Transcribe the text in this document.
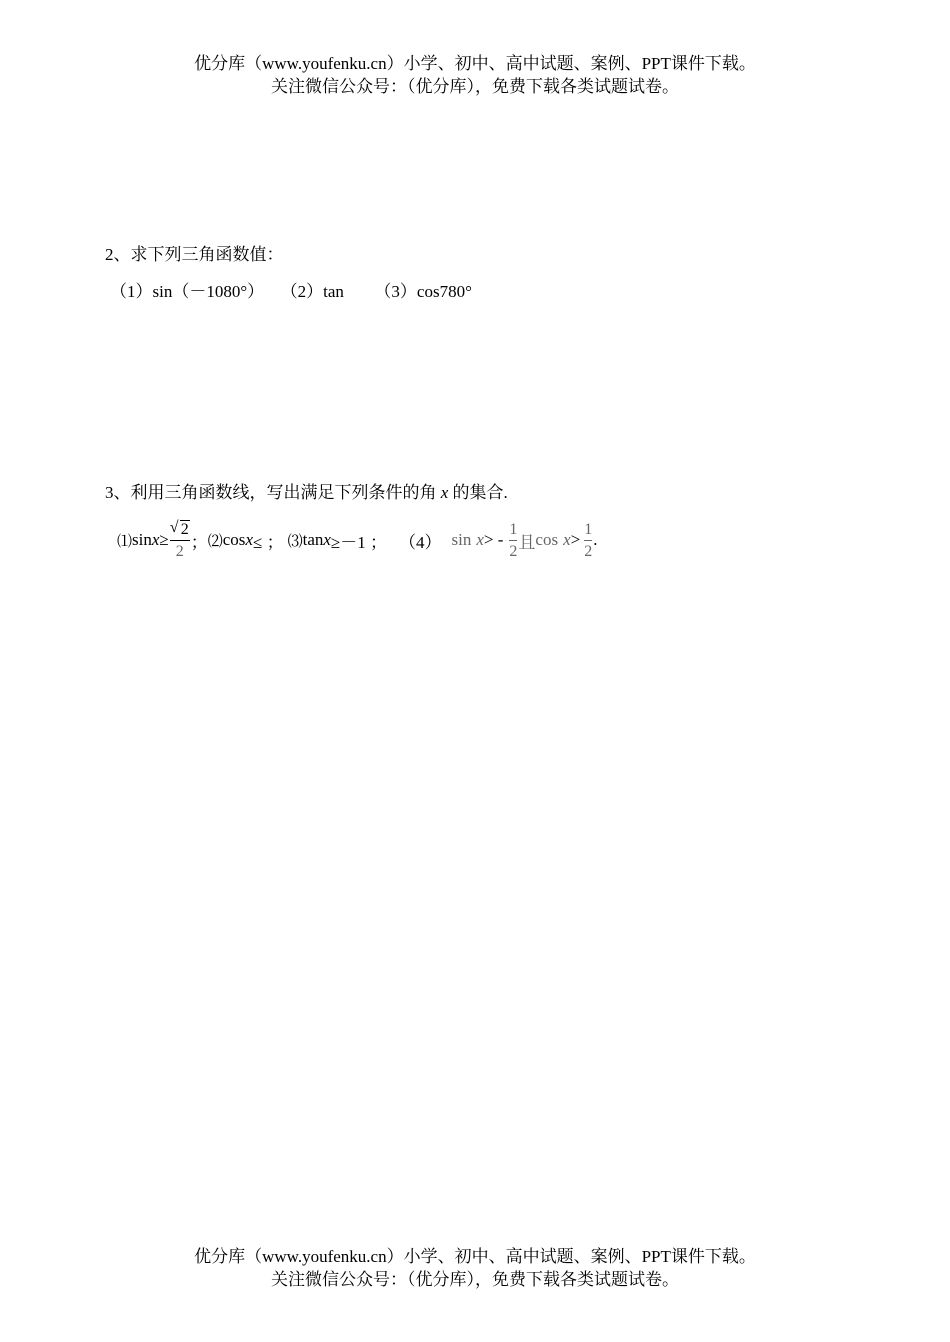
优分库（www.youfenku.cn）小学、初中、高中试题、案例、PPT课件下载。
关注微信公众号：（优分库），免费下载各类试题试卷。
2、求下列三角函数值：
（1）sin（－1080°） （2）tan （3）cos780°
3、利用三角函数线，写出满足下列条件的角 x 的集合.
⑴ $\sin x \ge \frac{√ 2}{2}$ ； ⑵ cos x ≤ ； ⑶ tan x ≥－1 ； （4） sin x > - $\frac{1}{2}$ 且 $\cos x > \frac{1}{2}$ .
优分库（www.youfenku.cn）小学、初中、高中试题、案例、PPT课件下载。
关注微信公众号：（优分库），免费下载各类试题试卷。
